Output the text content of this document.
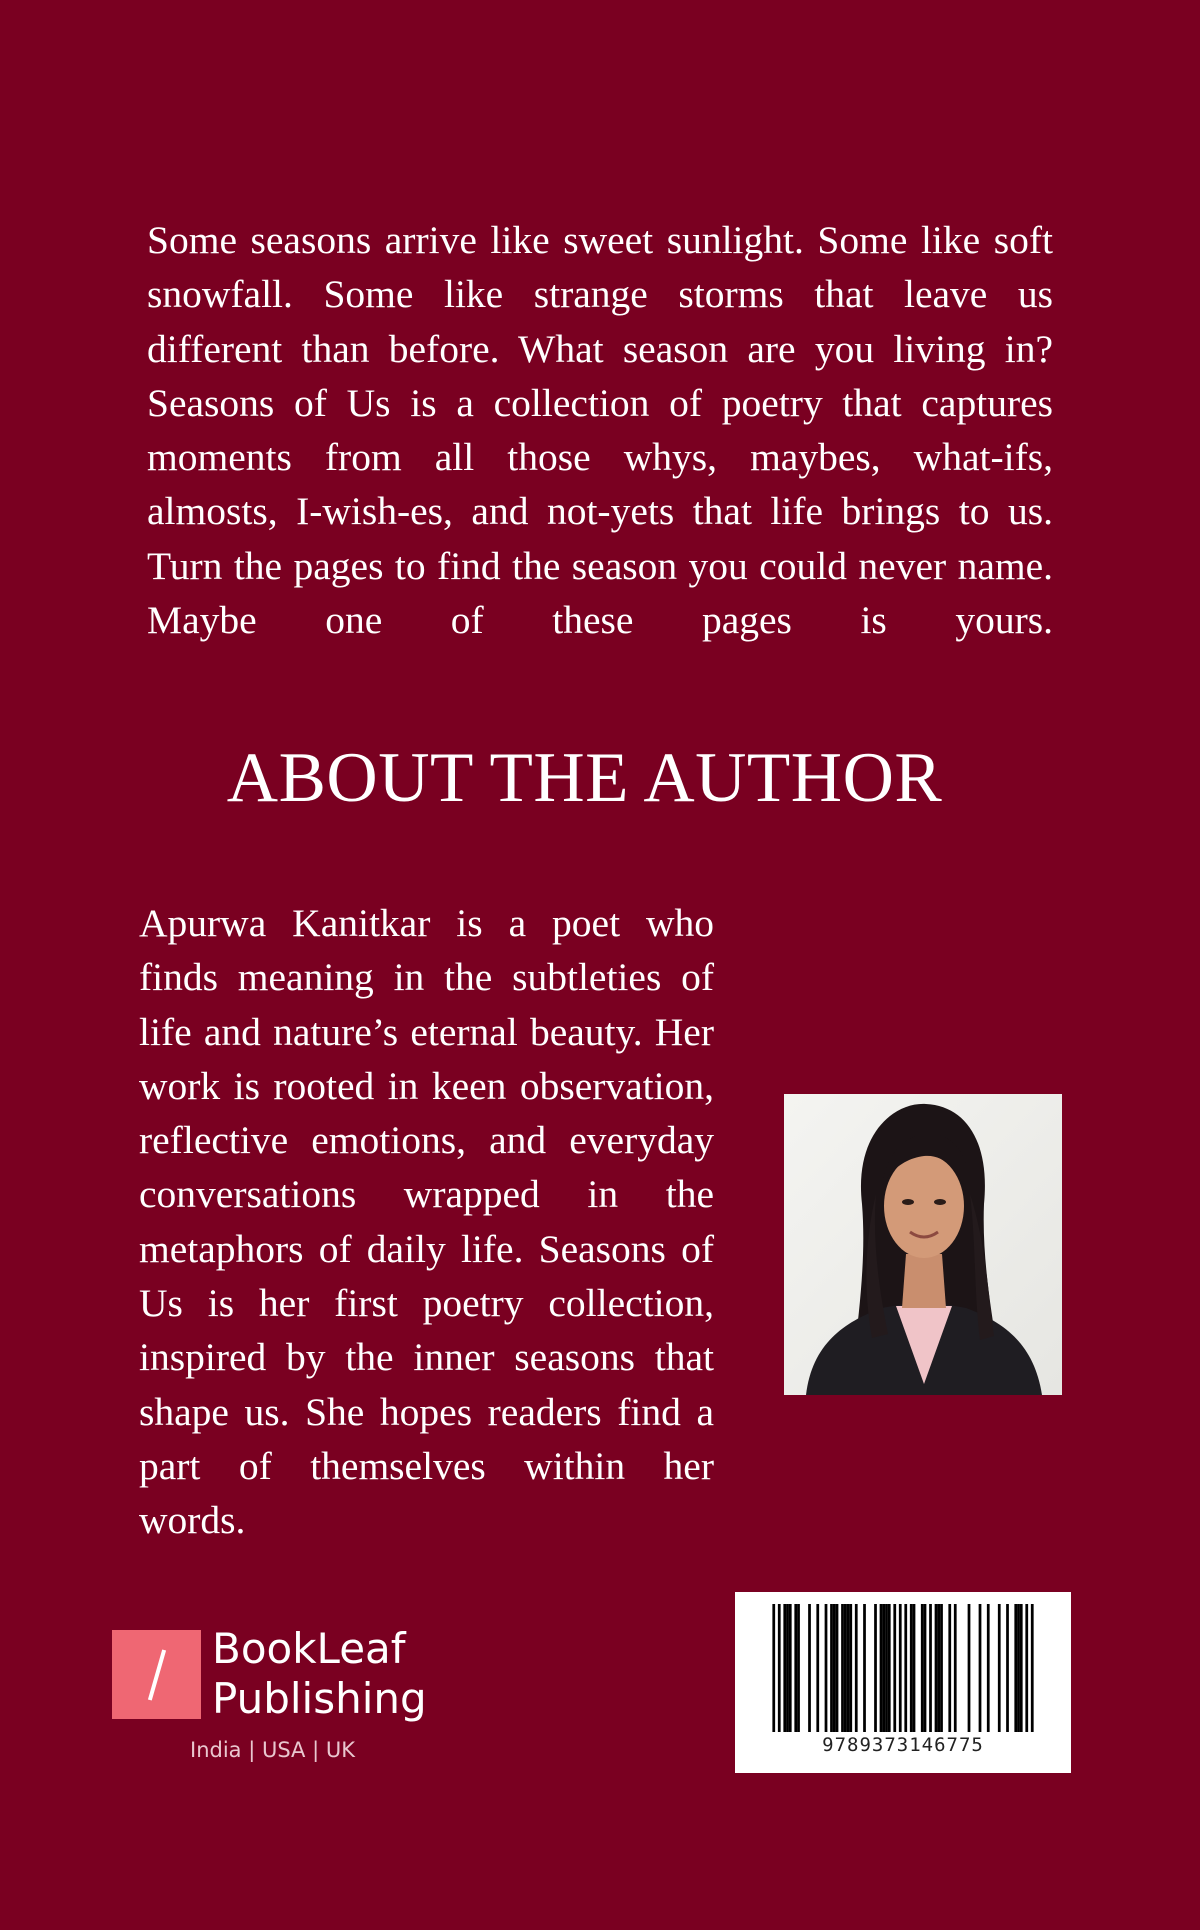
Some seasons arrive like sweet sunlight. Some like soft snowfall. Some like strange storms that leave us different than before. What season are you living in? Seasons of Us is a collection of poetry that captures moments from all those whys, maybes, what-ifs, almosts, I-wish-es, and not-yets that life brings to us. Turn the pages to find the season you could never name. Maybe one of these pages is yours.

ABOUT THE AUTHOR

Apurwa Kanitkar is a poet who finds meaning in the subtleties of life and nature’s eternal beauty. Her work is rooted in keen observation, reflective emotions, and everyday conversations wrapped in the metaphors of daily life. Seasons of Us is her first poetry collection, inspired by the inner seasons that shape us. She hopes readers find a part of themselves within her words.

BookLeaf
Publishing
India | USA | UK	9789373146775
